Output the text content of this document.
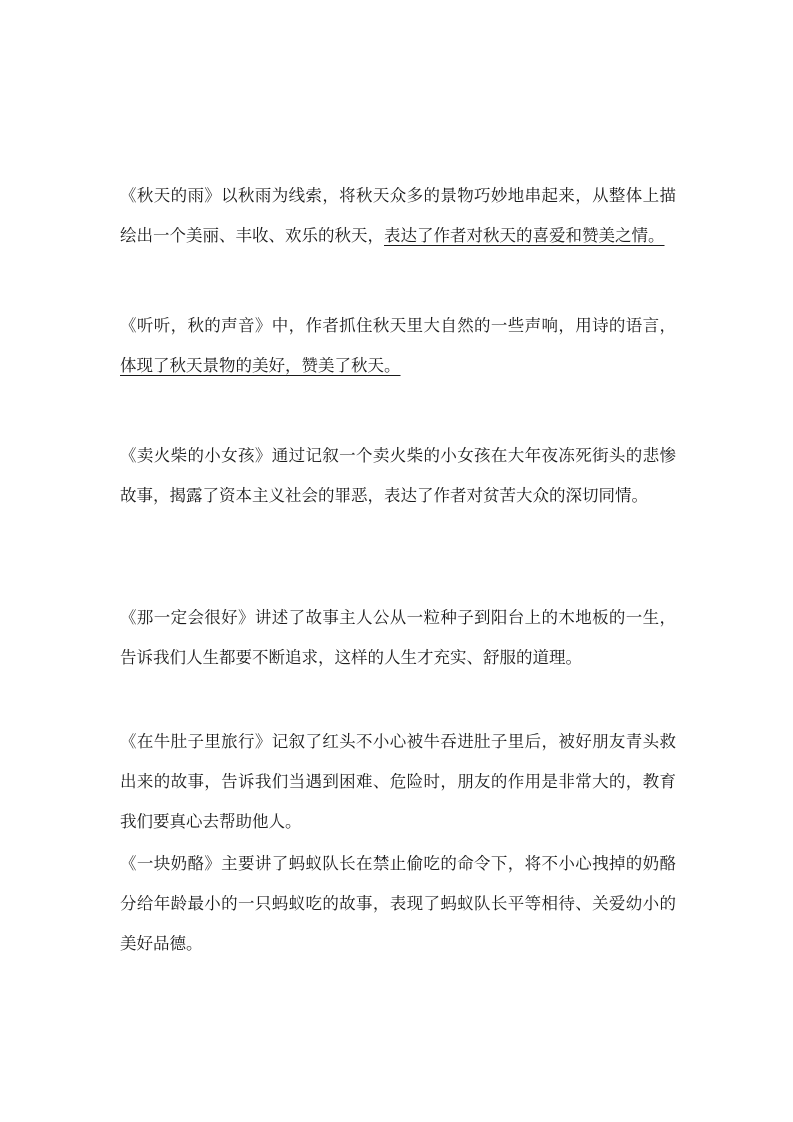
《秋天的雨》以秋雨为线索，将秋天众多的景物巧妙地串起来，从整体上描绘出一个美丽、丰收、欢乐的秋天，表达了作者对秋天的喜爱和赞美之情。

《听听，秋的声音》中，作者抓住秋天里大自然的一些声响，用诗的语言，体现了秋天景物的美好，赞美了秋天。

《卖火柴的小女孩》通过记叙一个卖火柴的小女孩在大年夜冻死街头的悲惨故事，揭露了资本主义社会的罪恶，表达了作者对贫苦大众的深切同情。

《那一定会很好》讲述了故事主人公从一粒种子到阳台上的木地板的一生，告诉我们人生都要不断追求，这样的人生才充实、舒服的道理。

《在牛肚子里旅行》记叙了红头不小心被牛吞进肚子里后，被好朋友青头救出来的故事，告诉我们当遇到困难、危险时，朋友的作用是非常大的，教育我们要真心去帮助他人。

《一块奶酪》主要讲了蚂蚁队长在禁止偷吃的命令下，将不小心拽掉的奶酪分给年龄最小的一只蚂蚁吃的故事，表现了蚂蚁队长平等相待、关爱幼小的美好品德。
